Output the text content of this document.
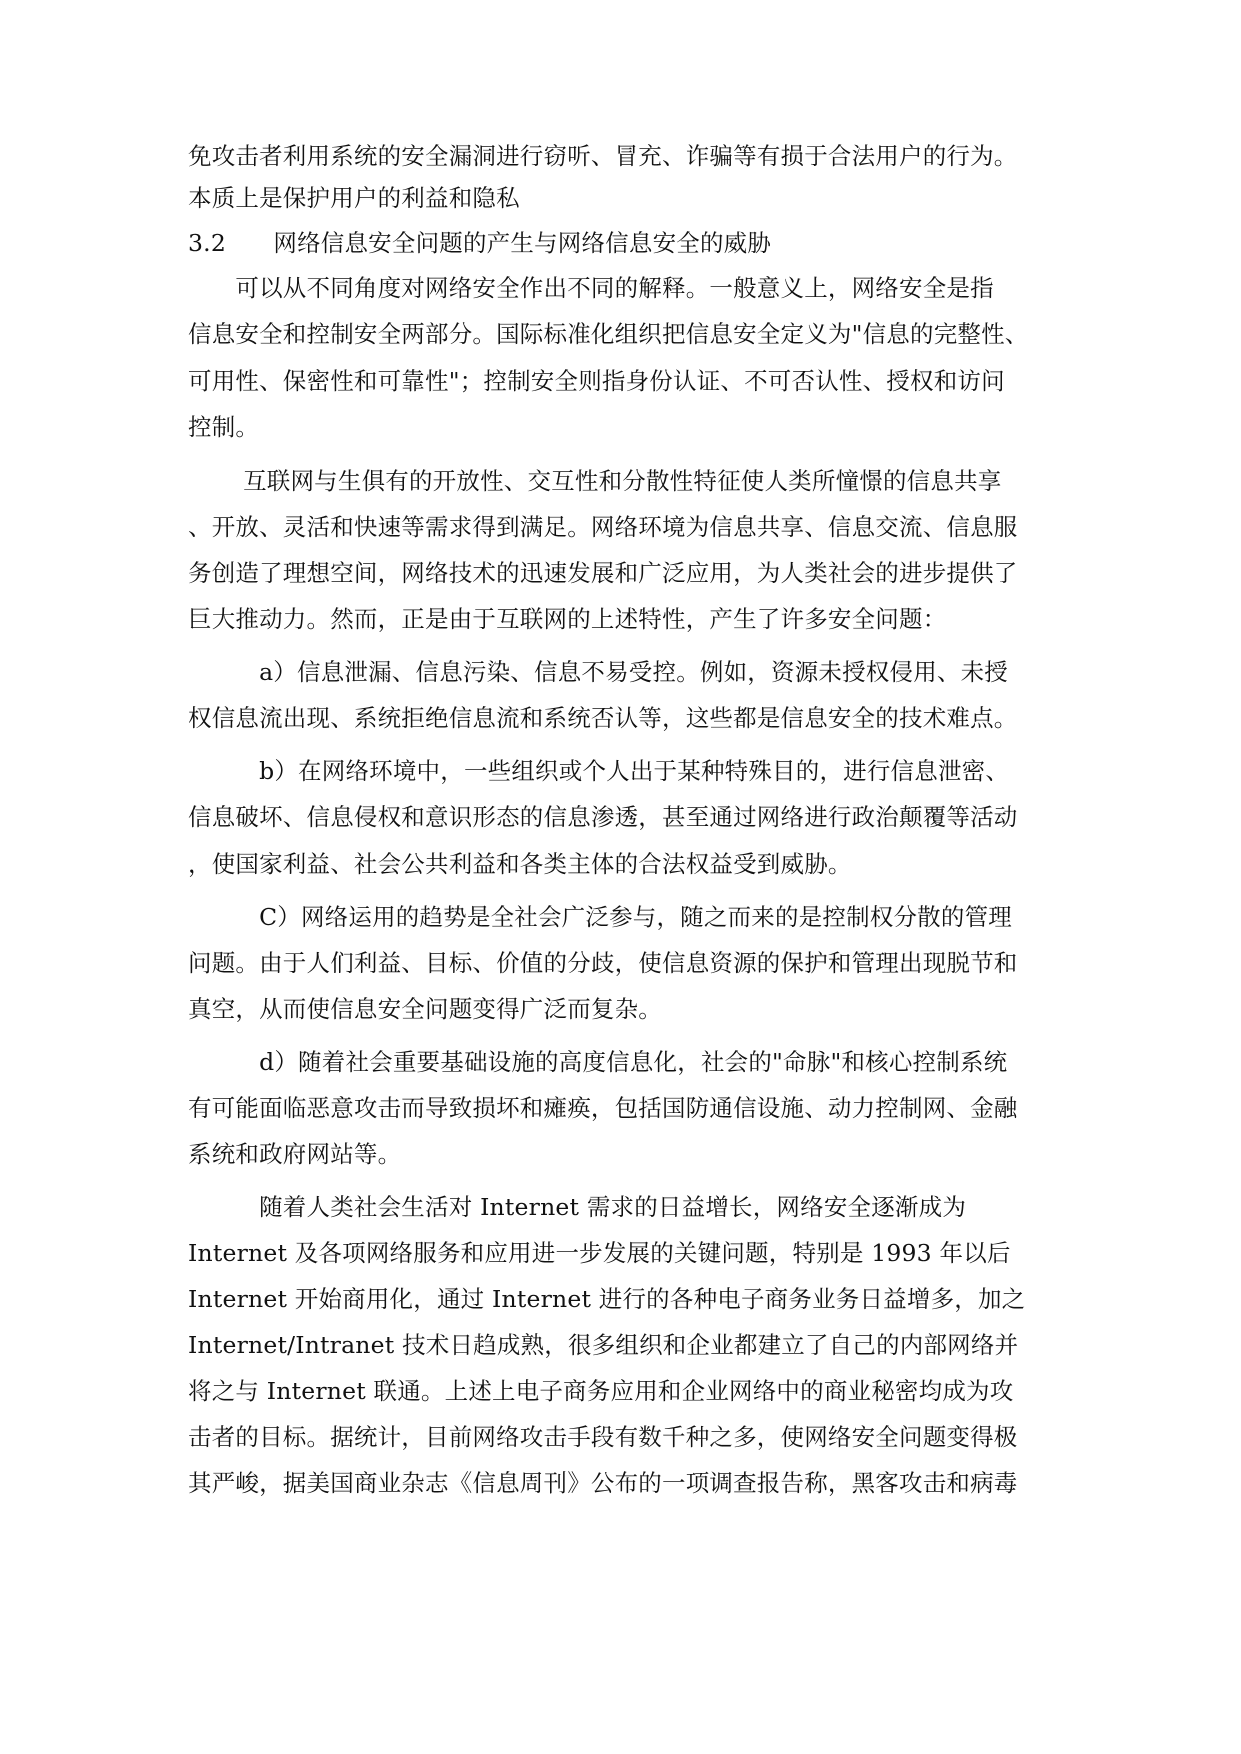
免攻击者利用系统的安全漏洞进行窃听、冒充、诈骗等有损于合法用户的行为。
本质上是保护用户的利益和隐私
3.2　　网络信息安全问题的产生与网络信息安全的威胁
　　可以从不同角度对网络安全作出不同的解释。一般意义上，网络安全是指
信息安全和控制安全两部分。国际标准化组织把信息安全定义为"信息的完整性、
可用性、保密性和可靠性"；控制安全则指身份认证、不可否认性、授权和访问
控制。
　　 互联网与生俱有的开放性、交互性和分散性特征使人类所憧憬的信息共享
、开放、灵活和快速等需求得到满足。网络环境为信息共享、信息交流、信息服
务创造了理想空间，网络技术的迅速发展和广泛应用，为人类社会的进步提供了
巨大推动力。然而，正是由于互联网的上述特性，产生了许多安全问题：
　　　a）信息泄漏、信息污染、信息不易受控。例如，资源未授权侵用、未授
权信息流出现、系统拒绝信息流和系统否认等，这些都是信息安全的技术难点。
　　　b）在网络环境中，一些组织或个人出于某种特殊目的，进行信息泄密、
信息破坏、信息侵权和意识形态的信息渗透，甚至通过网络进行政治颠覆等活动
，使国家利益、社会公共利益和各类主体的合法权益受到威胁。
　　　C）网络运用的趋势是全社会广泛参与，随之而来的是控制权分散的管理
问题。由于人们利益、目标、价值的分歧，使信息资源的保护和管理出现脱节和
真空，从而使信息安全问题变得广泛而复杂。
　　　d）随着社会重要基础设施的高度信息化，社会的"命脉"和核心控制系统
有可能面临恶意攻击而导致损坏和瘫痪，包括国防通信设施、动力控制网、金融
系统和政府网站等。
　　　随着人类社会生活对 Internet 需求的日益增长，网络安全逐渐成为
Internet 及各项网络服务和应用进一步发展的关键问题，特别是 1993 年以后
Internet 开始商用化，通过 Internet 进行的各种电子商务业务日益增多，加之
Internet/Intranet 技术日趋成熟，很多组织和企业都建立了自己的内部网络并
将之与 Internet 联通。上述上电子商务应用和企业网络中的商业秘密均成为攻
击者的目标。据统计，目前网络攻击手段有数千种之多，使网络安全问题变得极
其严峻，据美国商业杂志《信息周刊》公布的一项调查报告称，黑客攻击和病毒
